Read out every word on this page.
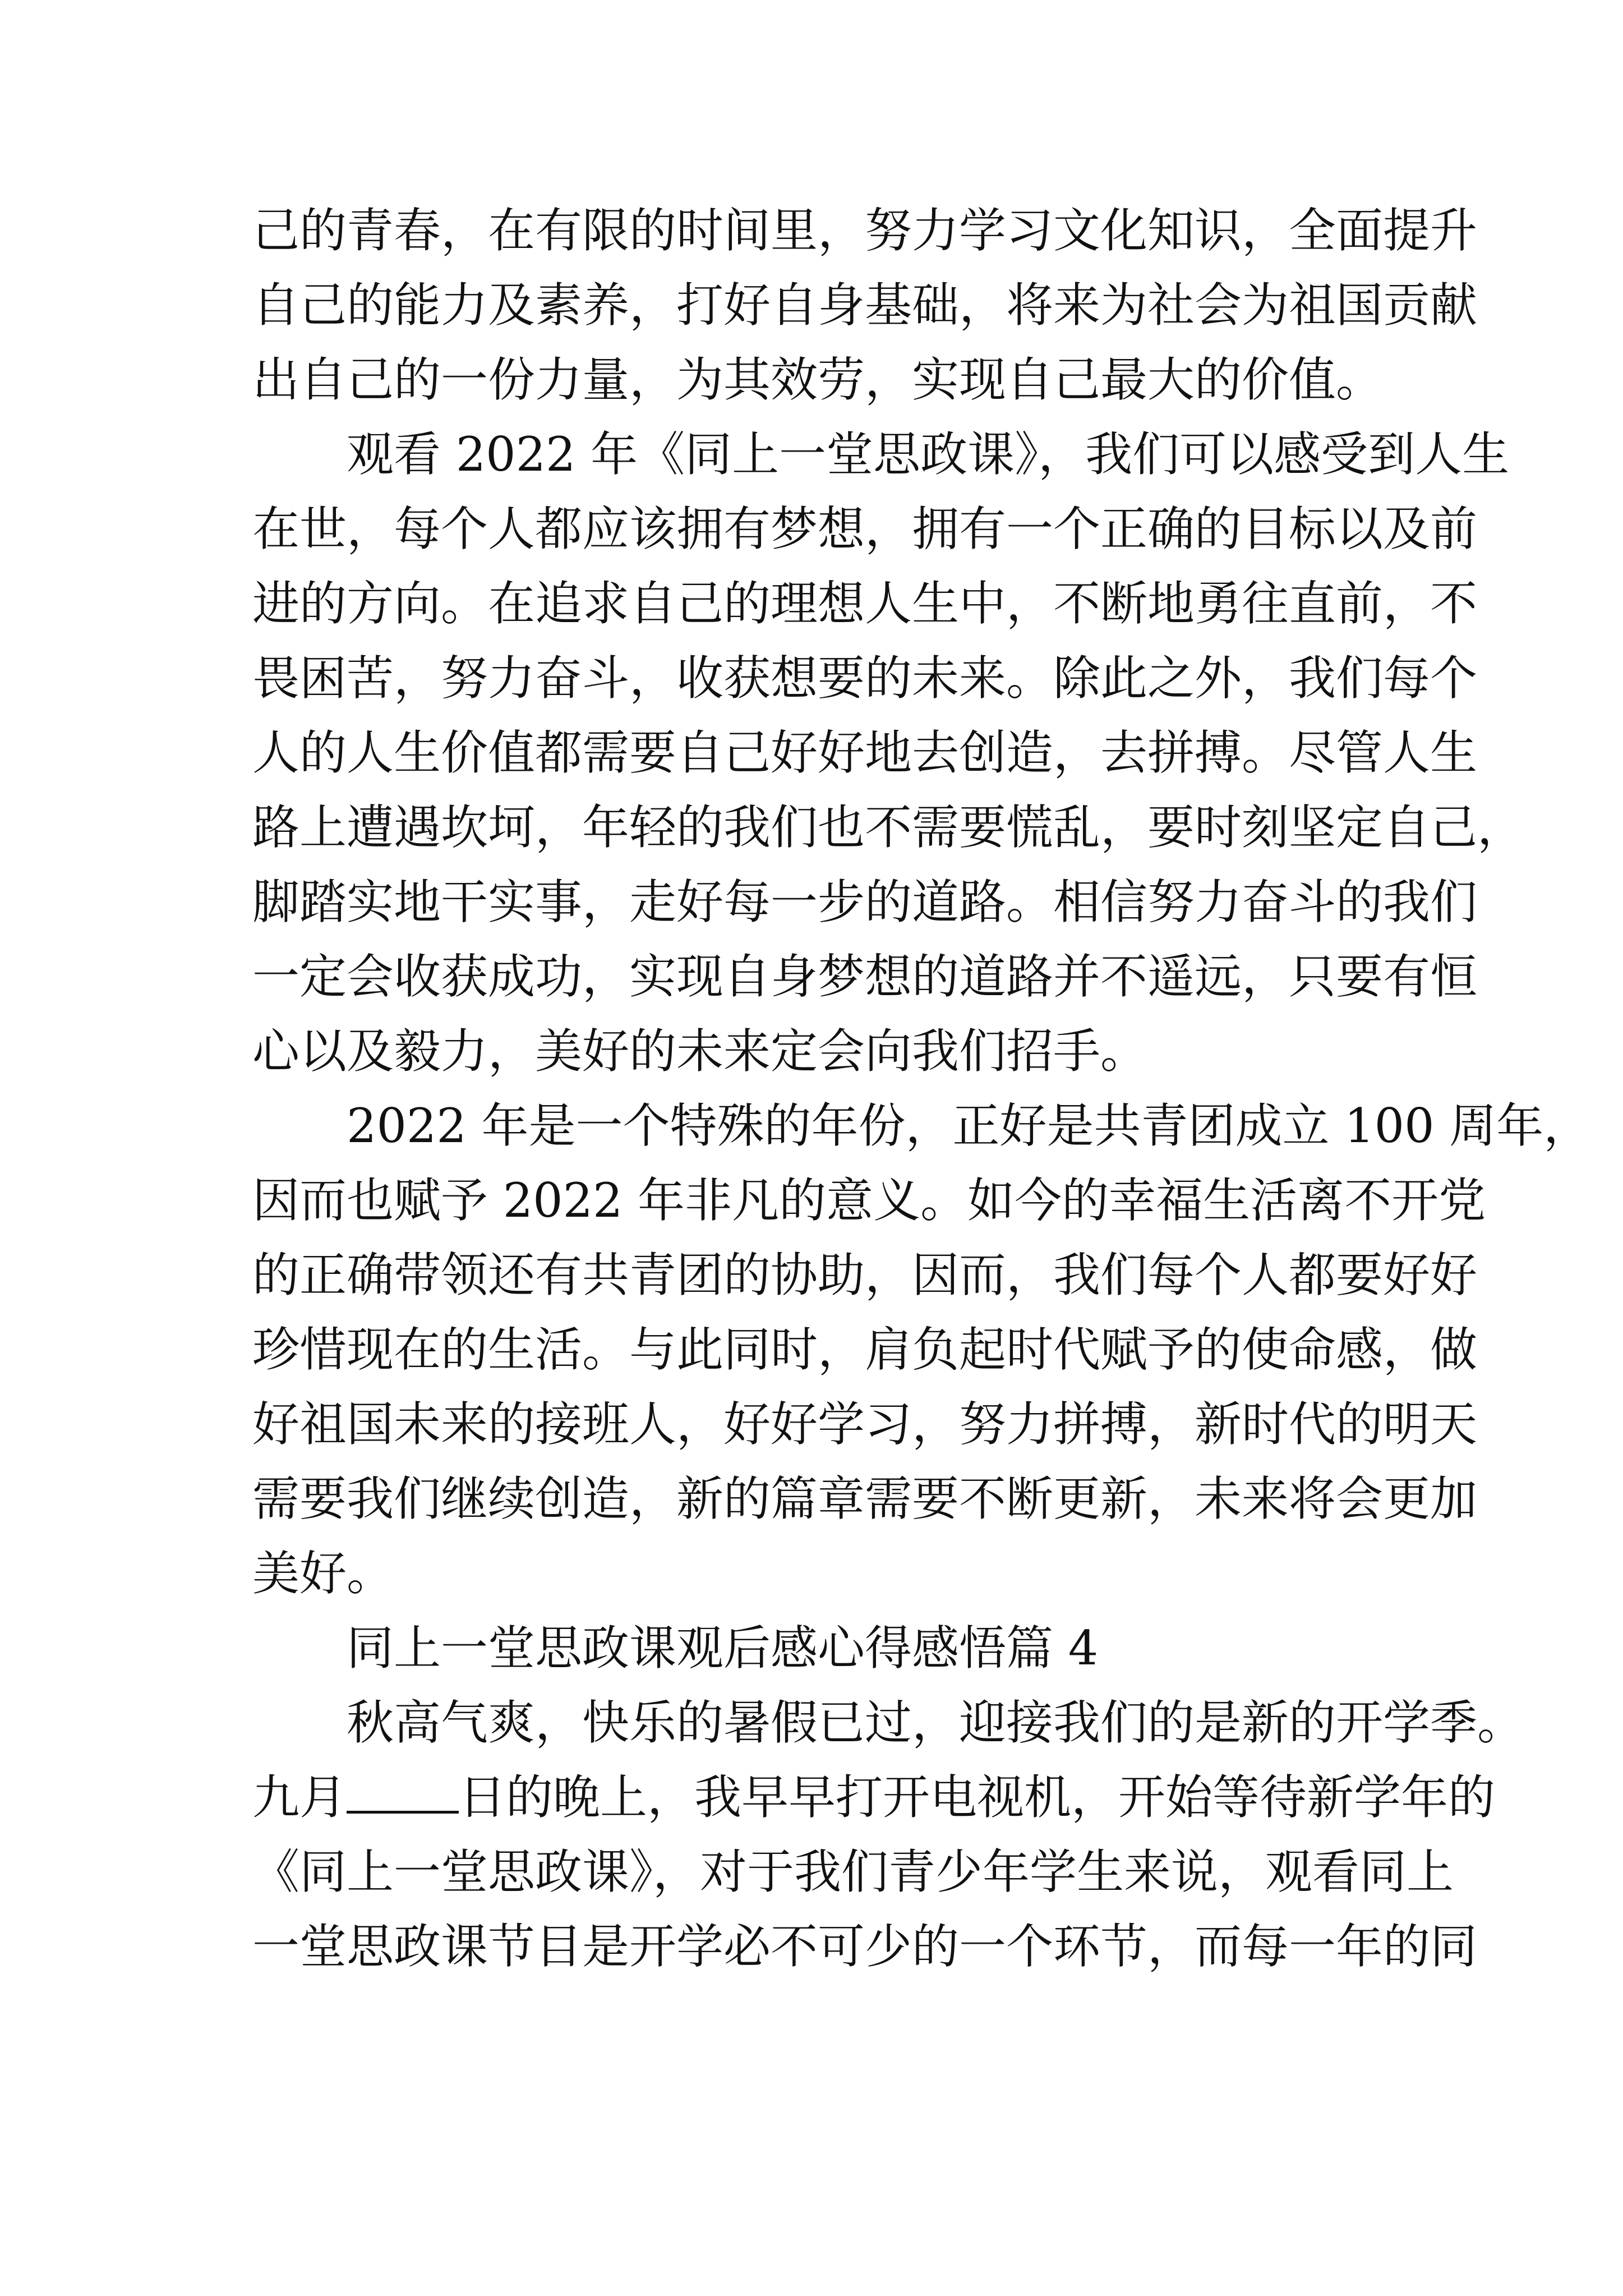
己的青春，在有限的时间里，努力学习文化知识，全面提升
自己的能力及素养，打好自身基础，将来为社会为祖国贡献
出自己的一份力量，为其效劳，实现自己最大的价值。
观看 2022 年《同上一堂思政课》，我们可以感受到人生
在世，每个人都应该拥有梦想，拥有一个正确的目标以及前
进的方向。在追求自己的理想人生中，不断地勇往直前，不
畏困苦，努力奋斗，收获想要的未来。除此之外，我们每个
人的人生价值都需要自己好好地去创造，去拼搏。尽管人生
路上遭遇坎坷，年轻的我们也不需要慌乱，要时刻坚定自己，
脚踏实地干实事，走好每一步的道路。相信努力奋斗的我们
一定会收获成功，实现自身梦想的道路并不遥远，只要有恒
心以及毅力，美好的未来定会向我们招手。
2022 年是一个特殊的年份，正好是共青团成立 100 周年，
因而也赋予 2022 年非凡的意义。如今的幸福生活离不开党
的正确带领还有共青团的协助，因而，我们每个人都要好好
珍惜现在的生活。与此同时，肩负起时代赋予的使命感，做
好祖国未来的接班人，好好学习，努力拼搏，新时代的明天
需要我们继续创造，新的篇章需要不断更新，未来将会更加
美好。
同上一堂思政课观后感心得感悟篇 4
秋高气爽，快乐的暑假已过，迎接我们的是新的开学季。
九月 日的晚上，我早早打开电视机，开始等待新学年的
《同上一堂思政课》，对于我们青少年学生来说，观看同上
一堂思政课节目是开学必不可少的一个环节，而每一年的同
